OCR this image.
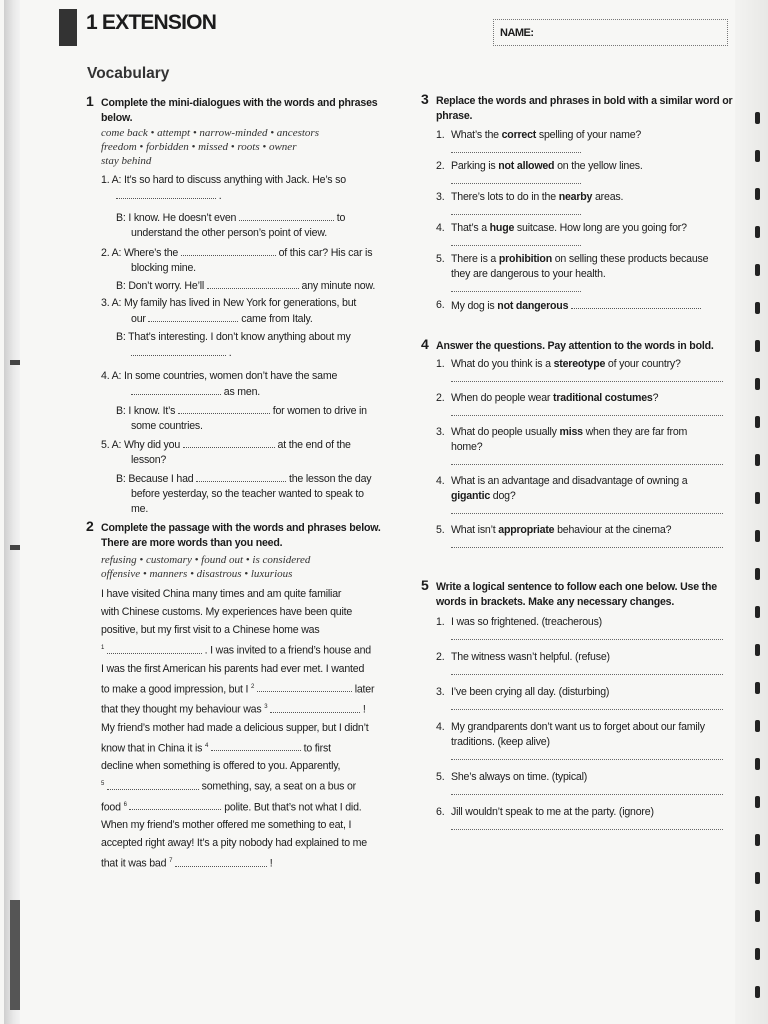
1 EXTENSION	NAME:
Vocabulary
1 Complete the mini-dialogues with the words and phrases below.
come back • attempt • narrow-minded • ancestors
freedom • forbidden • missed • roots • owner
stay behind
1. A: It’s so hard to discuss anything with Jack. He’s so
.
B: I know. He doesn’t even	to
understand the other person’s point of view.
2. A: Where’s the	of this car? His car is
blocking mine.
B: Don’t worry. He’ll	any minute now.
3. A: My family has lived in New York for generations, but
our	came from Italy.
B: That’s interesting. I don’t know anything about my
.
4. A: In some countries, women don’t have the same
as men.
B: I know. It’s	for women to drive in
some countries.
5. A: Why did you	at the end of the
lesson?
B: Because I had	the lesson the day
before yesterday, so the teacher wanted to speak to
me.
2 Complete the passage with the words and phrases below.
There are more words than you need.
refusing • customary • found out • is considered
offensive • manners • disastrous • luxurious
I have visited China many times and am quite familiar
with Chinese customs. My experiences have been quite
positive, but my first visit to a Chinese home was
$^1$	. I was invited to a friend’s house and
I was the first American his parents had ever met. I wanted
to make a good impression, but I $^2$	later
that they thought my behaviour was $^3$	!
My friend’s mother had made a delicious supper, but I didn’t
know that in China it is $^4$	to first
decline when something is offered to you. Apparently,
$^5$	something, say, a seat on a bus or
food $^6$	polite. But that’s not what I did.
When my friend’s mother offered me something to eat, I
accepted right away! It’s a pity nobody had explained to me
that it was bad $^7$	!
3 Replace the words and phrases in bold with a similar word or phrase.
1. What’s the correct spelling of your name?
2. Parking is not allowed on the yellow lines.
3. There’s lots to do in the nearby areas.
4. That’s a huge suitcase. How long are you going for?
5. There is a prohibition on selling these products because
they are dangerous to your health.
6. My dog is not dangerous
4 Answer the questions. Pay attention to the words in bold.
1. What do you think is a stereotype of your country?
2. When do people wear traditional costumes?
3. What do people usually miss when they are far from
home?
4. What is an advantage and disadvantage of owning a
gigantic dog?
5. What isn’t appropriate behaviour at the cinema?
5 Write a logical sentence to follow each one below. Use the words in brackets. Make any necessary changes.
1. I was so frightened. (treacherous)
2. The witness wasn’t helpful. (refuse)
3. I’ve been crying all day. (disturbing)
4. My grandparents don’t want us to forget about our family
traditions. (keep alive)
5. She’s always on time. (typical)
6. Jill wouldn’t speak to me at the party. (ignore)
